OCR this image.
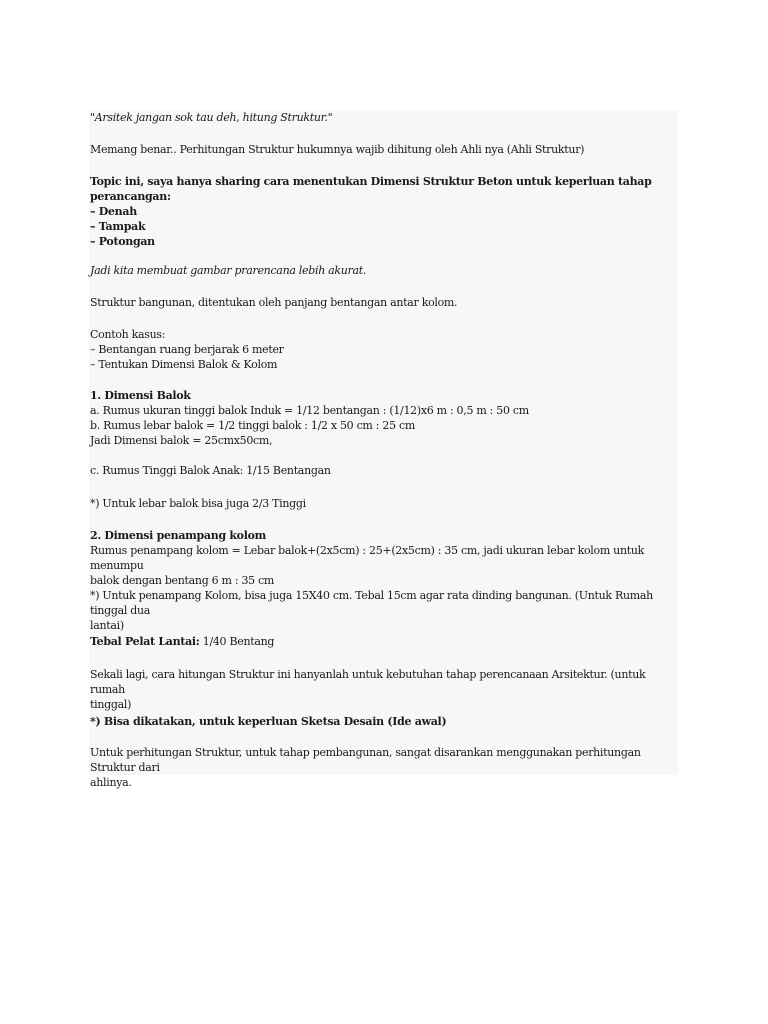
"Arsitek jangan sok tau deh, hitung Struktur."

Memang benar.. Perhitungan Struktur hukumnya wajib dihitung oleh Ahli nya (Ahli Struktur)

Topic ini, saya hanya sharing cara menentukan Dimensi Struktur Beton untuk keperluan tahap perancangan:
– Denah
– Tampak
– Potongan

Jadi kita membuat gambar prarencana lebih akurat.

Struktur bangunan, ditentukan oleh panjang bentangan antar kolom.

Contoh kasus:
– Bentangan ruang berjarak 6 meter
– Tentukan Dimensi Balok & Kolom

1. Dimensi Balok
a. Rumus ukuran tinggi balok Induk = 1/12 bentangan : (1/12)x6 m : 0,5 m : 50 cm
b. Rumus lebar balok = 1/2 tinggi balok : 1/2 x 50 cm : 25 cm
Jadi Dimensi balok = 25cmx50cm,

c. Rumus Tinggi Balok Anak: 1/15 Bentangan

*) Untuk lebar balok bisa juga 2/3 Tinggi

2. Dimensi penampang kolom
Rumus penampang kolom = Lebar balok+(2x5cm) : 25+(2x5cm) : 35 cm, jadi ukuran lebar kolom untuk menumpu
balok dengan bentang 6 m : 35 cm

*) Untuk penampang Kolom, bisa juga 15X40 cm. Tebal 15cm agar rata dinding bangunan. (Untuk Rumah tinggal dua
lantai)

Tebal Pelat Lantai: 1/40 Bentang

Sekali lagi, cara hitungan Struktur ini hanyanlah untuk kebutuhan tahap perencanaan Arsitektur. (untuk rumah
tinggal)

*) Bisa dikatakan, untuk keperluan Sketsa Desain (Ide awal)

Untuk perhitungan Struktur, untuk tahap pembangunan, sangat disarankan menggunakan perhitungan Struktur dari
ahlinya.
